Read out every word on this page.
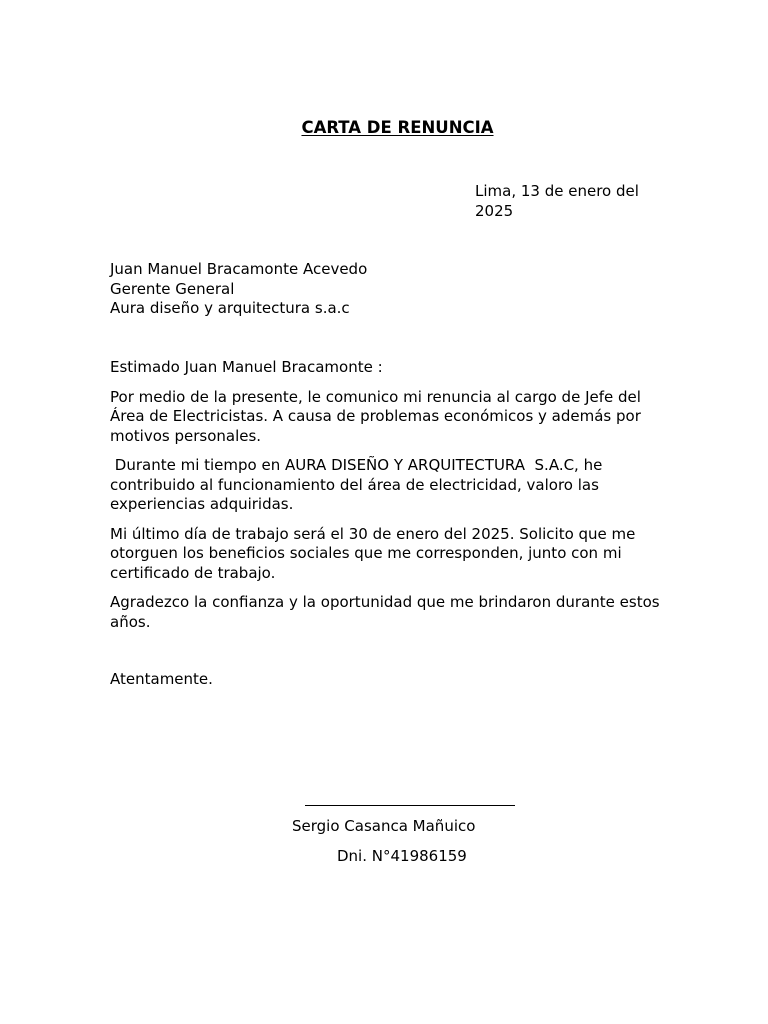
CARTA DE RENUNCIA
Lima, 13 de enero del
2025
Juan Manuel Bracamonte Acevedo
Gerente General
Aura diseño y arquitectura s.a.c

Estimado Juan Manuel Bracamonte :

Por medio de la presente, le comunico mi renuncia al cargo de Jefe del Área de Electricistas. A causa de problemas económicos y además por motivos personales.

Durante mi tiempo en AURA DISEÑO Y ARQUITECTURA  S.A.C, he contribuido al funcionamiento del área de electricidad, valoro las experiencias adquiridas.

Mi último día de trabajo será el 30 de enero del 2025. Solicito que me otorguen los beneficios sociales que me corresponden, junto con mi certificado de trabajo.

Agradezco la confianza y la oportunidad que me brindaron durante estos años.

Atentamente.
Sergio Casanca Mañuico
Dni. N°41986159
